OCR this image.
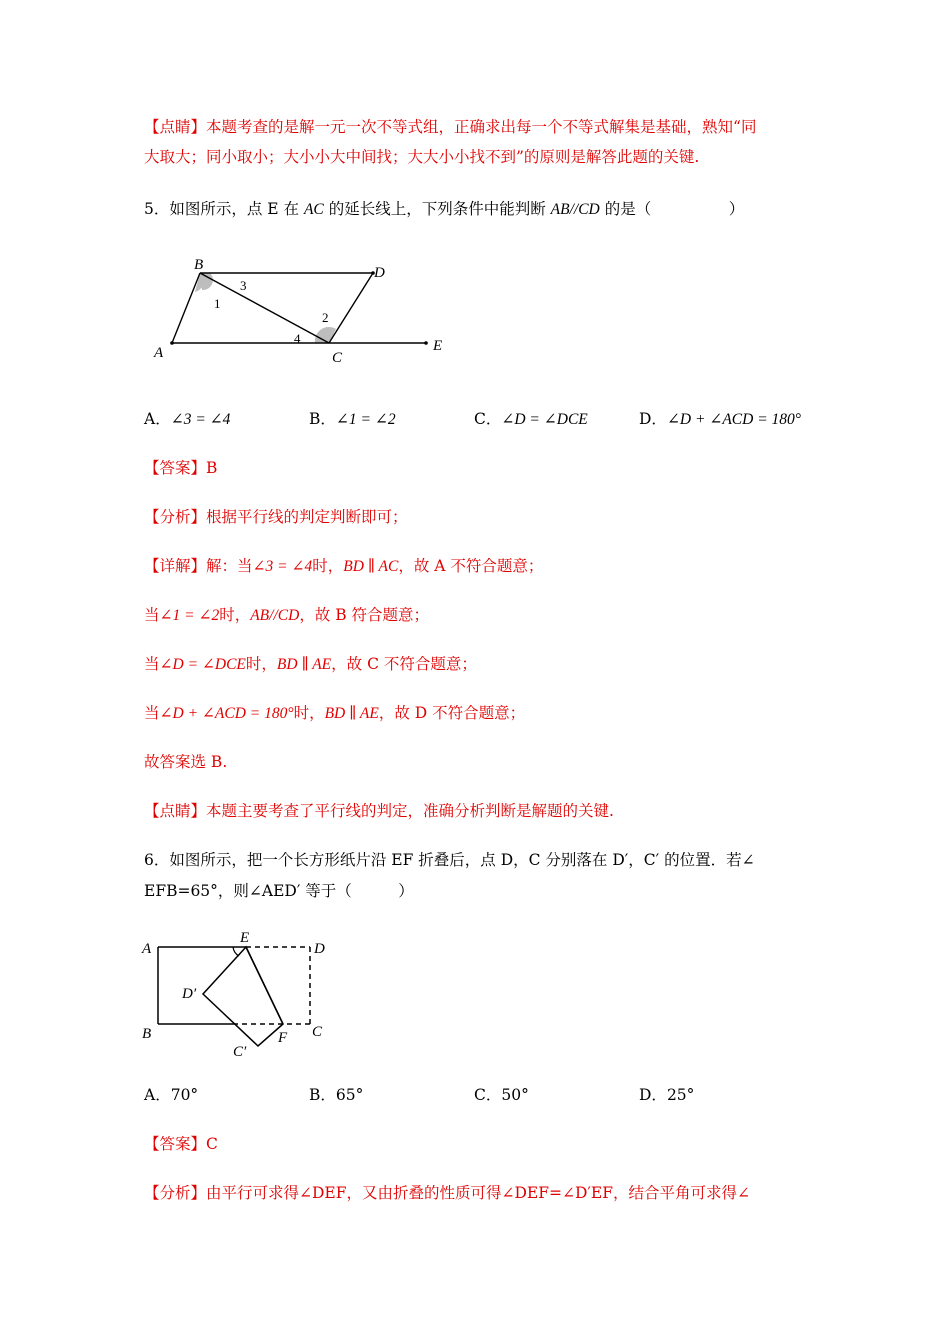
【点睛】本题考查的是解一元一次不等式组，正确求出每一个不等式解集是基础，熟知“同
大取大；同小取小；大小小大中间找；大大小小找不到”的原则是解答此题的关键.
5．如图所示，点 E 在 AC 的延长线上，下列条件中能判断 AB//CD 的是（　　　　　）
B	D
A	C
E
1
2
3
4
A．∠3 = ∠4	B．∠1 = ∠2	C．∠D = ∠DCE	D．∠D + ∠ACD = 180°
【答案】B
【分析】根据平行线的判定判断即可；
【详解】解：当∠3 = ∠4时，BD ∥ AC，故 A 不符合题意；
当∠1 = ∠2时，AB//CD，故 B 符合题意；
当∠D = ∠DCE时，BD ∥ AE，故 C 不符合题意；
当∠D + ∠ACD = 180°时，BD ∥ AE，故 D 不符合题意；
故答案选 B.
【点睛】本题主要考查了平行线的判定，准确分析判断是解题的关键.
6．如图所示，把一个长方形纸片沿 EF 折叠后，点 D，C 分别落在 D′，C′ 的位置．若∠
EFB=65°，则∠AED′ 等于（　　　）
A
E
D
D′
B	F C
C′
A．70°	B．65°	C．50°	D．25°
【答案】C
【分析】由平行可求得∠DEF，又由折叠的性质可得∠DEF=∠D′EF，结合平角可求得∠
